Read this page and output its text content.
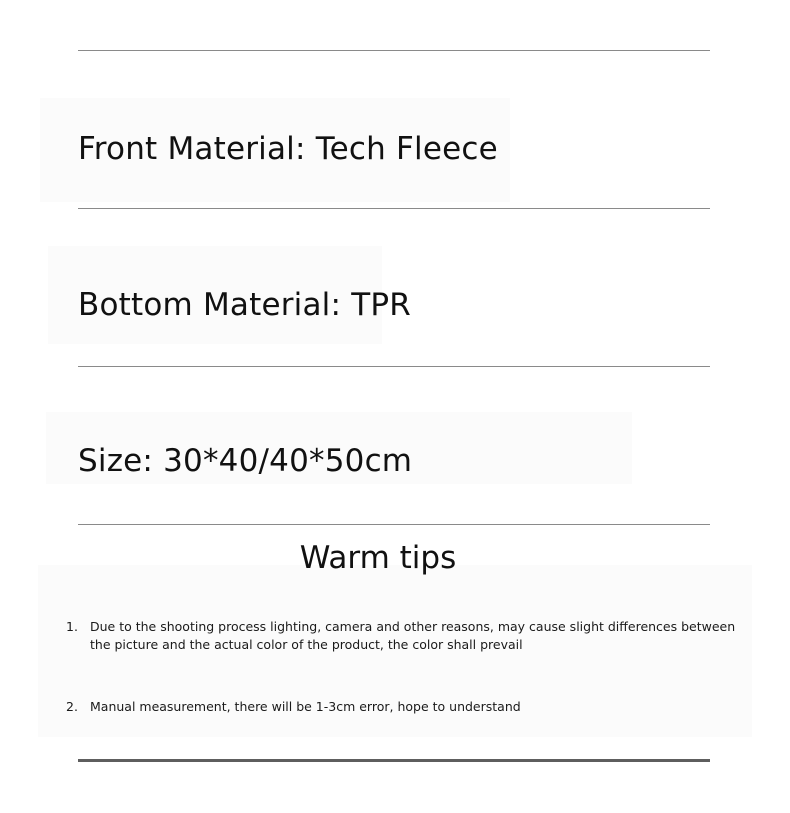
Front Material: Tech Fleece

Bottom Material: TPR

Size: 30*40/40*50cm

Warm tips

1. Due to the shooting process lighting, camera and other reasons, may cause slight differences between the picture and the actual color of the product, the color shall prevail

2. Manual measurement, there will be 1-3cm error, hope to understand
